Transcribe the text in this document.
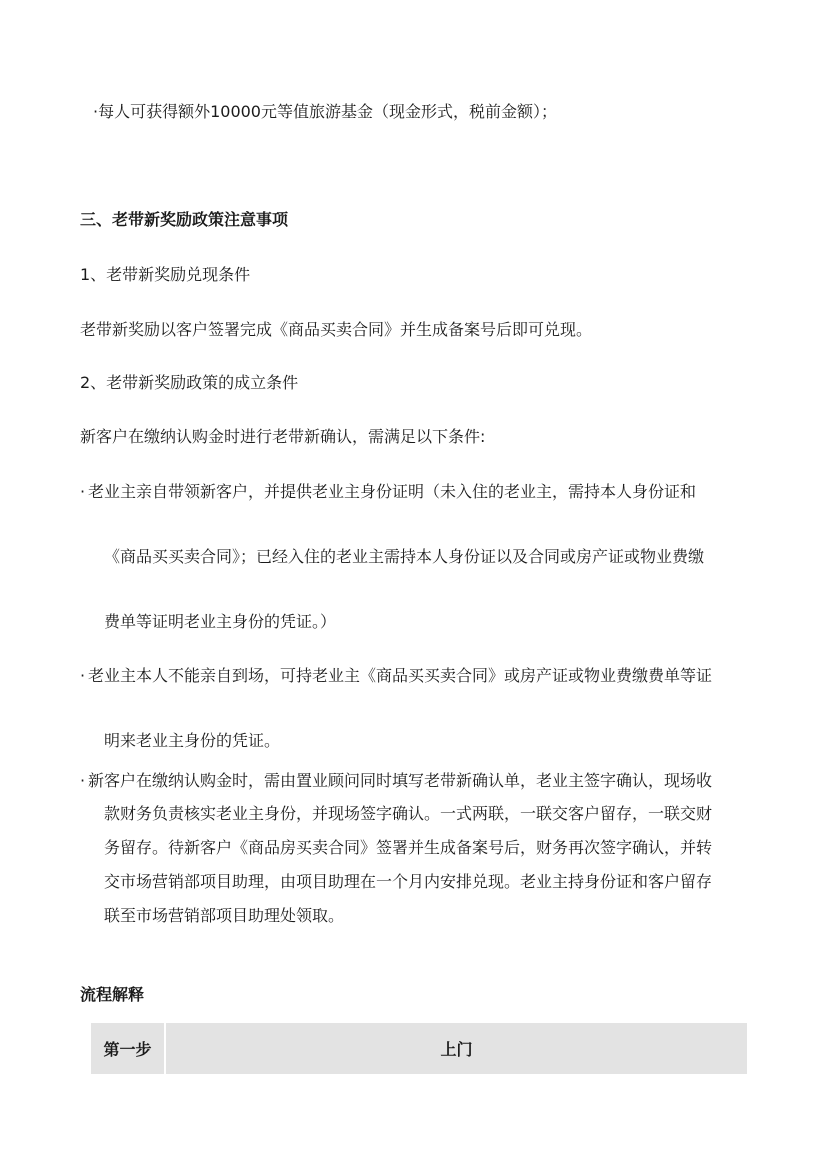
·每人可获得额外10000元等值旅游基金（现金形式，税前金额）；

三、老带新奖励政策注意事项

1、老带新奖励兑现条件

老带新奖励以客户签署完成《商品买卖合同》并生成备案号后即可兑现。

2、老带新奖励政策的成立条件

新客户在缴纳认购金时进行老带新确认，需满足以下条件:

· 老业主亲自带领新客户，并提供老业主身份证明（未入住的老业主，需持本人身份证和
《商品买买卖合同》；已经入住的老业主需持本人身份证以及合同或房产证或物业费缴
费单等证明老业主身份的凭证。）
· 老业主本人不能亲自到场，可持老业主《商品买买卖合同》或房产证或物业费缴费单等证
明来老业主身份的凭证。
· 新客户在缴纳认购金时，需由置业顾问同时填写老带新确认单，老业主签字确认，现场收
款财务负责核实老业主身份，并现场签字确认。一式两联，一联交客户留存，一联交财
务留存。待新客户《商品房买卖合同》签署并生成备案号后，财务再次签字确认，并转
交市场营销部项目助理，由项目助理在一个月内安排兑现。老业主持身份证和客户留存
联至市场营销部项目助理处领取。

流程解释

第一步	上门
